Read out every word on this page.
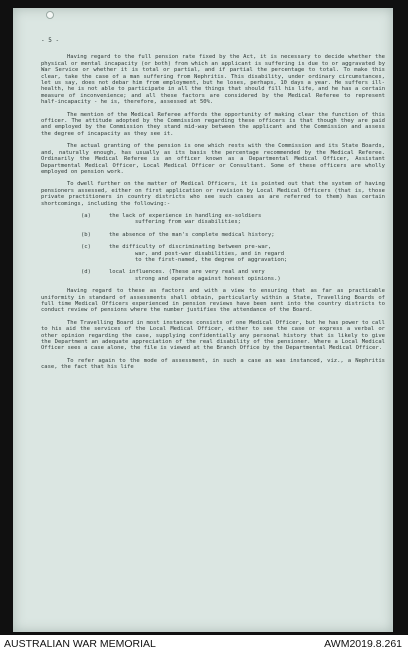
- 5 -

Having regard to the full pension rate fixed by the Act, it is necessary to decide whether the physical or mental incapacity (or both) from which an applicant is suffering is due to or aggravated by War Service or whether it is total or partial, and if partial the percentage to total. To make this clear, take the case of a man suffering from Nephritis. This disability, under ordinary circumstances, let us say, does not debar him from employment, but he loses, perhaps, 10 days a year. He suffers ill-health, he is not able to participate in all the things that should fill his life, and he has a certain measure of inconvenience; and all these factors are considered by the Medical Referee to represent half-incapacity - he is, therefore, assessed at 50%.

The mention of the Medical Referee affords the opportunity of making clear the function of this officer. The attitude adopted by the Commission regarding these officers is that though they are paid and employed by the Commission they stand mid-way between the applicant and the Commission and assess the degree of incapacity as they see it.

The actual granting of the pension is one which rests with the Commission and its State Boards, and, naturally enough, has usually as its basis the percentage recommended by the Medical Referee. Ordinarily the Medical Referee is an officer known as a Departmental Medical Officer, Assistant Departmental Medical Officer, Local Medical Officer or Consultant. Some of these officers are wholly employed on pension work.

To dwell further on the matter of Medical Officers, it is pointed out that the system of having pensioners assessed, either on first application or revision by Local Medical Officers (that is, those private practitioners in country districts who see such cases as are referred to them) has certain shortcomings, including the following:-

(a)	the lack of experience in handling ex-soldiers
suffering from war disabilities;

(b)	the absence of the man's complete medical history;

(c)	the difficulty of discriminating between pre-war,
war, and post-war disabilities, and in regard
to the first-named, the degree of aggravation;

(d)	local influences. (These are very real and very
strong and operate against honest opinions.)

Having regard to these as factors and with a view to ensuring that as far as practicable uniformity in standard of assessments shall obtain, particularly within a State, Travelling Boards of full time Medical Officers experienced in pension reviews have been sent into the country districts to conduct review of pensions where the number justifies the attendance of the Board.

The Travelling Board in most instances consists of one Medical Officer, but he has power to call to his aid the services of the Local Medical Officer, either to see the case or express a verbal or other opinion regarding the case, supplying confidentially any personal history that is likely to give the Department an adequate appreciation of the real disability of the pensioner. Where a Local Medical Officer sees a case alone, the file is viewed at the Branch Office by the Departmental Medical Officer.

To refer again to the mode of assessment, in such a case as was instanced, viz., a Nephritis case, the fact that his life

AUSTRALIAN WAR MEMORIAL	AWM2019.8.261
